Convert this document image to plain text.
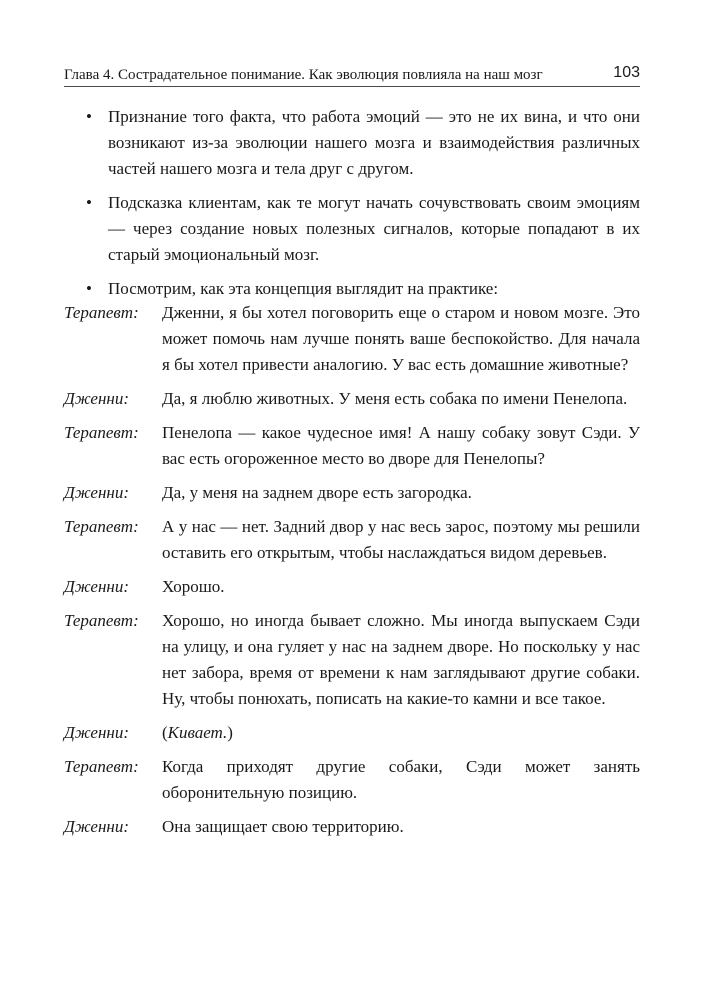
Глава 4. Сострадательное понимание. Как эволюция повлияла на наш мозг	103
• Признание того факта, что работа эмоций — это не их вина, и что они возникают из-за эволюции нашего мозга и взаимодействия различных частей нашего мозга и тела друг с другом.
• Подсказка клиентам, как те могут начать сочувствовать своим эмоциям — через создание новых полезных сигналов, которые попадают в их старый эмоциональный мозг.
• Посмотрим, как эта концепция выглядит на практике:
Терапевт:	Дженни, я бы хотел поговорить еще о старом и новом мозге. Это может помочь нам лучше понять ваше беспокойство. Для начала я бы хотел привести аналогию. У вас есть домашние животные?
Дженни:	Да, я люблю животных. У меня есть собака по имени Пенелопа.
Терапевт:	Пенелопа — какое чудесное имя! А нашу собаку зовут Сэди. У вас есть огороженное место во дворе для Пенелопы?
Дженни:	Да, у меня на заднем дворе есть загородка.
Терапевт:	А у нас — нет. Задний двор у нас весь зарос, поэтому мы решили оставить его открытым, чтобы наслаждаться видом деревьев.
Дженни:	Хорошо.
Терапевт:	Хорошо, но иногда бывает сложно. Мы иногда выпускаем Сэди на улицу, и она гуляет у нас на заднем дворе. Но поскольку у нас нет забора, время от времени к нам заглядывают другие собаки. Ну, чтобы понюхать, пописать на какие-то камни и все такое.
Дженни:	(Кивает.)
Терапевт:	Когда приходят другие собаки, Сэди может занять оборонительную позицию.
Дженни:	Она защищает свою территорию.
